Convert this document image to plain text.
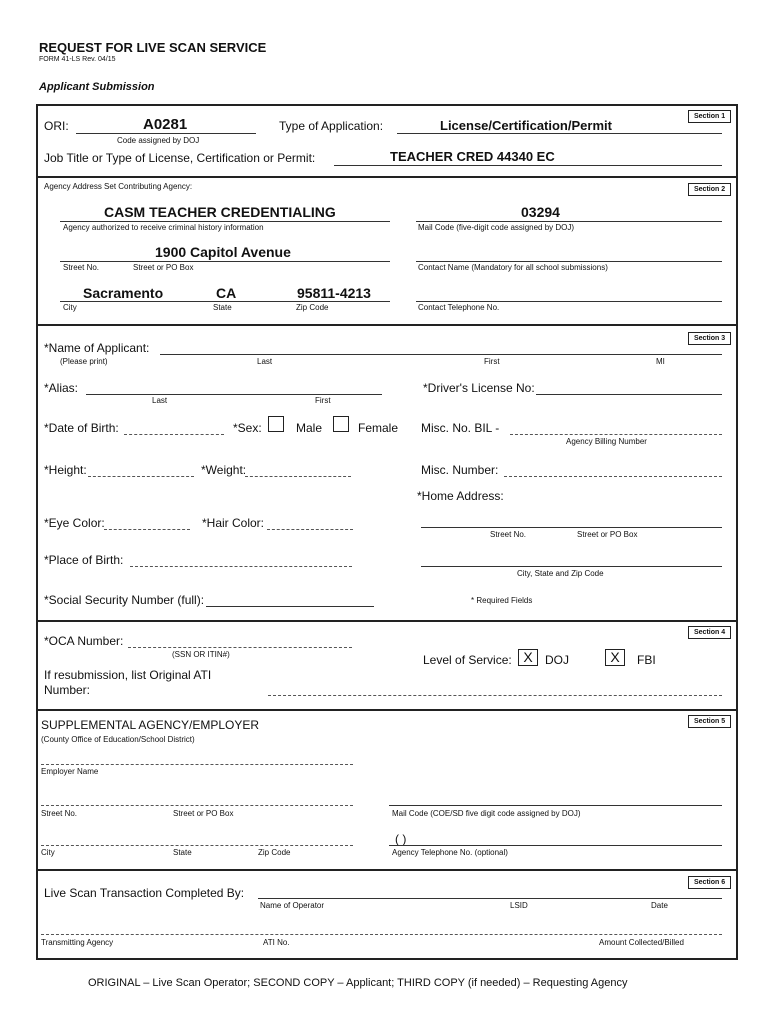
REQUEST FOR LIVE SCAN SERVICE
FORM 41-LS Rev. 04/15
Applicant Submission
Section 1
ORI:	A0281
Code assigned by DOJ
Type of Application:	License/Certification/Permit
Job Title or Type of License, Certification or Permit:	TEACHER CRED 44340 EC
Agency Address Set Contributing Agency:	Section 2
CASM TEACHER CREDENTIALING
Agency authorized to receive criminal history information
03294
Mail Code (five-digit code assigned by DOJ)
1900 Capitol Avenue
Street No.	Street or PO Box	Contact Name (Mandatory for all school submissions)
Sacramento	CA	95811-4213
City	State	Zip Code	Contact Telephone No.
Section 3
*Name of Applicant:
(Please print)	Last	First	MI
*Alias:
Last	First
*Driver's License No:
*Date of Birth:	*Sex:	Male	Female Misc. No. BIL -
Agency Billing Number
*Height:	*Weight:	Misc. Number:
*Home Address:
*Eye Color:	*Hair Color:
Street No.	Street or PO Box
*Place of Birth:
City, State and Zip Code
*Social Security Number (full):	* Required Fields
Section 4
*OCA Number:
(SSN OR ITIN#)
If resubmission, list Original ATI
Number:
Level of Service: X	DOJ	X	FBI
Section 5
SUPPLEMENTAL AGENCY/EMPLOYER
(County Office of Education/School District)
Employer Name
Street No.	Street or PO Box	Mail Code (COE/SD five digit code assigned by DOJ)
City	State	Zip Code
( )
Agency Telephone No. (optional)
Section 6
Live Scan Transaction Completed By:
Name of Operator	LSID	Date
Transmitting Agency	ATI No.	Amount Collected/Billed
ORIGINAL – Live Scan Operator; SECOND COPY – Applicant; THIRD COPY (if needed) – Requesting Agency
